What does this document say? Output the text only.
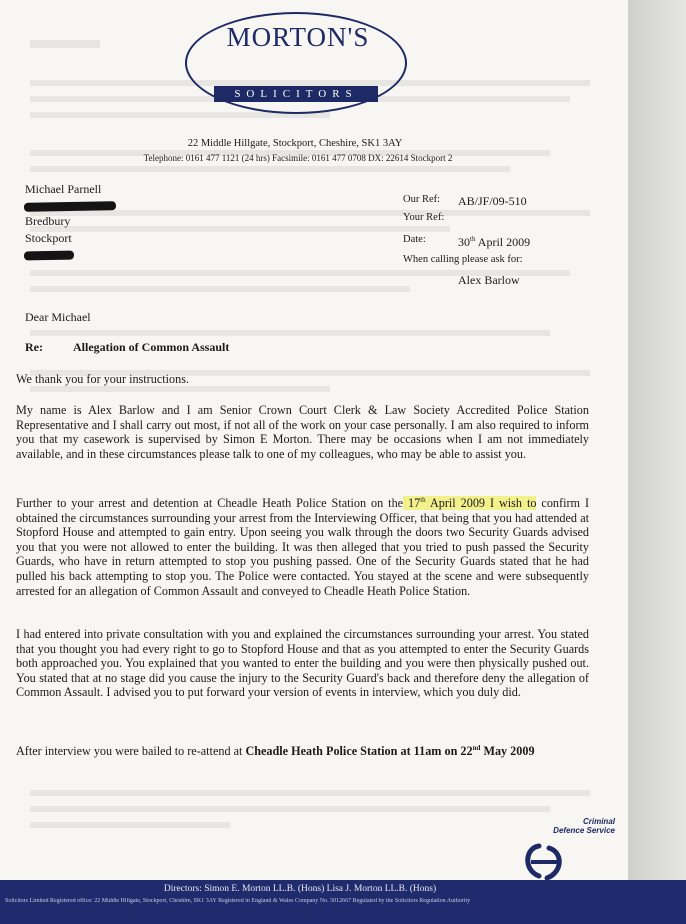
MORTON'S
SOLICITORS
22 Middle Hillgate, Stockport, Cheshire, SK1 3AY
Telephone: 0161 477 1121 (24 hrs) Facsimile: 0161 477 0708 DX: 22614 Stockport 2
Michael Parnell
Bredbury
Stockport
Our Ref: AB/JF/09-510
Your Ref:
Date:	30th April 2009
When calling please ask for:
Alex Barlow
Dear Michael
Re:	Allegation of Common Assault

We thank you for your instructions.

My name is Alex Barlow and I am Senior Crown Court Clerk & Law Society Accredited Police Station Representative and I shall carry out most, if not all of the work on your case personally. I am also required to inform you that my casework is supervised by Simon E Morton. There may be occasions when I am not immediately available, and in these circumstances please talk to one of my colleagues, who may be able to assist you.

Further to your arrest and detention at Cheadle Heath Police Station on the 17th April 2009 I wish to confirm I obtained the circumstances surrounding your arrest from the Interviewing Officer, that being that you had attended at Stopford House and attempted to gain entry. Upon seeing you walk through the doors two Security Guards advised you that you were not allowed to enter the building. It was then alleged that you tried to push passed the Security Guards, who have in return attempted to stop you pushing passed. One of the Security Guards stated that he had pulled his back attempting to stop you. The Police were contacted. You stayed at the scene and were subsequently arrested for an allegation of Common Assault and conveyed to Cheadle Heath Police Station.

I had entered into private consultation with you and explained the circumstances surrounding your arrest. You stated that you thought you had every right to go to Stopford House and that as you attempted to enter the Security Guards both approached you. You explained that you wanted to enter the building and you were then physically pushed out. You stated that at no stage did you cause the injury to the Security Guard's back and therefore deny the allegation of Common Assault. I advised you to put forward your version of events in interview, which you duly did.

After interview you were bailed to re-attend at Cheadle Heath Police Station at 11am on 22nd May 2009

Criminal
Defence Service
Directors: Simon E. Morton LL.B. (Hons) Lisa J. Morton LL.B. (Hons)
Solicitors Limited Registered office: 22 Middle Hillgate, Stockport, Cheshire, SK1 3AY Registered in England & Wales Company No. 5012667 Regulated by the Solicitors Regulation Authority
